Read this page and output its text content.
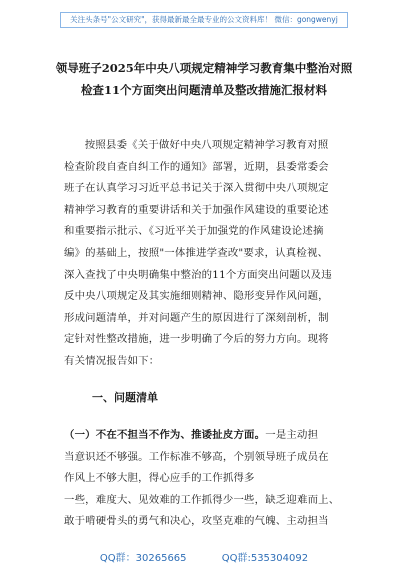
关注头条号"公文研究"，获得最新最全最专业的公文资料库！ 微信：gongwenyj
领导班子2025年中央八项规定精神学习教育集中整治对照
检查11个方面突出问题清单及整改措施汇报材料
按照县委《关于做好中央八项规定精神学习教育对照
检查阶段自查自纠工作的通知》部署，近期，县委常委会
班子在认真学习习近平总书记关于深入贯彻中央八项规定
精神学习教育的重要讲话和关于加强作风建设的重要论述
和重要指示批示、《习近平关于加强党的作风建设论述摘
编》的基础上，按照"一体推进学查改"要求，认真检视、
深入查找了中央明确集中整治的11个方面突出问题以及违
反中央八项规定及其实施细则精神、隐形变异作风问题，
形成问题清单，并对问题产生的原因进行了深刻剖析，制
定针对性整改措施，进一步明确了今后的努力方向。现将
有关情况报告如下：
一、问题清单
（一）不在不担当不作为、推诿扯皮方面。一是主动担
当意识还不够强。工作标准不够高，个别领导班子成员在
作风上不够大胆，得心应手的工作抓得多
一些，难度大、见效难的工作抓得少一些，缺乏迎难而上、
敢于啃硬骨头的勇气和决心，攻坚克难的气魄、主动担当
QQ群：30265665	QQ群:535304092
